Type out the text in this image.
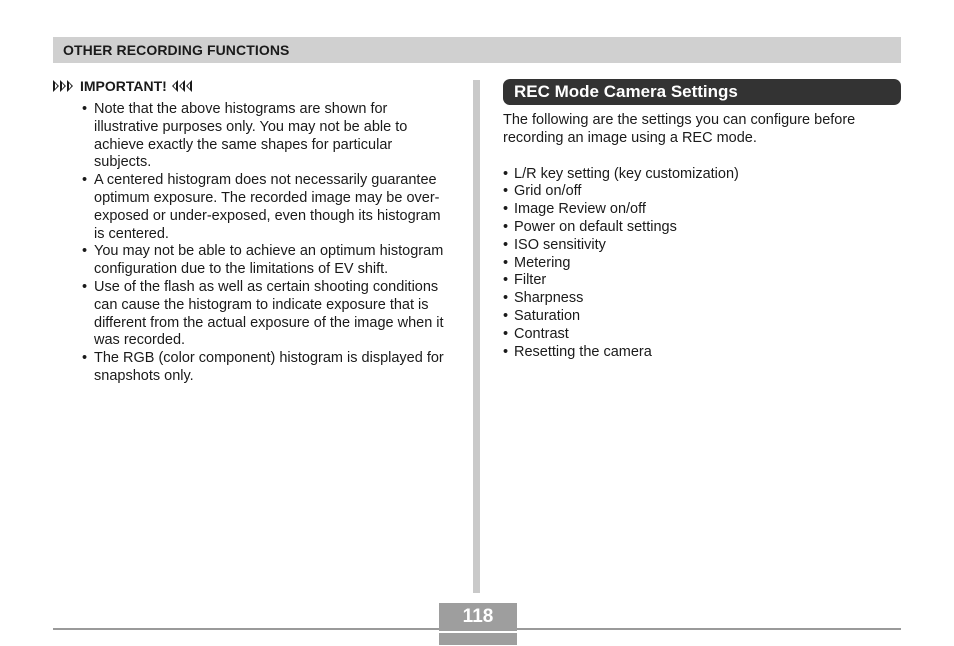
OTHER RECORDING FUNCTIONS
IMPORTANT!
• Note that the above histograms are shown for illustrative purposes only. You may not be able to achieve exactly the same shapes for particular subjects.
• A centered histogram does not necessarily guarantee optimum exposure. The recorded image may be over-exposed or under-exposed, even though its histogram is centered.
• You may not be able to achieve an optimum histogram configuration due to the limitations of EV shift.
• Use of the flash as well as certain shooting conditions can cause the histogram to indicate exposure that is different from the actual exposure of the image when it was recorded.
• The RGB (color component) histogram is displayed for snapshots only.
REC Mode Camera Settings

The following are the settings you can configure before recording an image using a REC mode.

• L/R key setting (key customization)
• Grid on/off
• Image Review on/off
• Power on default settings
• ISO sensitivity
• Metering
• Filter
• Sharpness
• Saturation
• Contrast
• Resetting the camera
118
